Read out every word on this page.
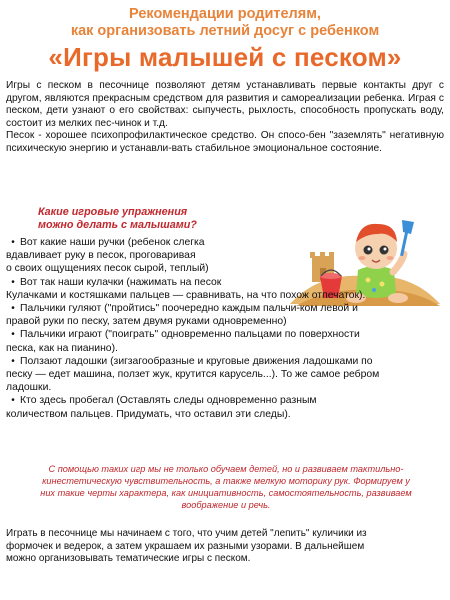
Рекомендации родителям,
как организовать летний досуг с ребенком
«Игры малышей с песком»

Игры с песком в песочнице позволяют детям устанавливать первые контакты друг с другом, являются прекрасным средством для развития и самореализации ребенка. Играя с песком, дети узнают о его свойствах: сыпучесть, рыхлость, способность пропускать воду, состоит из мелких пес-чинок и т.д.

Песок - хорошее психопрофилактическое средство. Он спосо-бен "заземлять" негативную психическую энергию и устанавли-вать стабильное эмоциональное состояние.

Какие игровые упражнения
можно делать с малышами?
• Вот какие наши ручки (ребенок слегка
вдавливает руку в песок, проговаривая
о своих ощущениях песок сырой, теплый)
• Вот так наши кулачки (нажимать на песок
Кулачками и костяшками пальцев — сравнивать, на что похож отпечаток).
• Пальчики гуляют ("пройтись" поочередно каждым пальчи-ком левой и
правой руки по песку, затем двумя руками одновременно)
• Пальчики играют ("поиграть" одновременно пальцами по поверхности
песка, как на пианино).
• Ползают ладошки (зигзагообразные и круговые движения ладошками по
песку — едет машина, ползет жук, крутится карусель...). То же самое ребром
ладошки.
• Кто здесь пробегал (Оставлять следы одновременно разным
количеством пальцев. Придумать, что оставил эти следы).
С помощью таких игр мы не только обучаем детей, но и развиваем тактильно-
кинестетическую чувствительность, а также мелкую моторику рук. Формируем у
них такие черты характера, как инициативность, самостоятельность, развиваем
воображение и речь.
Играть в песочнице мы начинаем с того, что учим детей "лепить" куличики из
формочек и ведерок, а затем украшаем их разными узорами. В дальнейшем
можно организовывать тематические игры с песком.
